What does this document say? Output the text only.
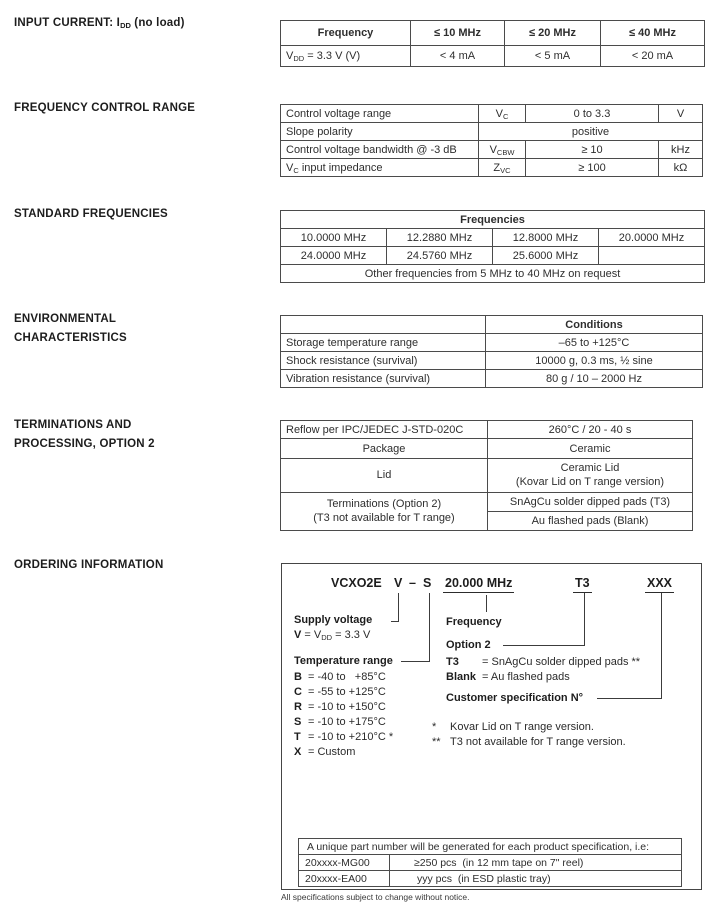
INPUT CURRENT: $I_{DD}$ (no load)
Frequency	≤ 10 MHz	≤ 20 MHz	≤ 40 MHz
$V_{DD} = 3.3$ V (V)	< 4 mA	< 5 mA	< 20 mA
FREQUENCY CONTROL RANGE	Control voltage range	$V_C$	0 to 3.3	V
Slope polarity	positive		
Control voltage bandwidth @ -3 dB	$V_{CBW}$	≥ 10	kHz
$V_C$ input impedance	$Z_{VC}$	≥ 100	kΩ
STANDARD FREQUENCIES	Frequencies			
10.0000 MHz	12.2880 MHz	12.8000 MHz	20.0000 MHz
24.0000 MHz	24.5760 MHz	25.6000 MHz	
Other frequencies from 5 MHz to 40 MHz on request			
ENVIRONMENTAL
CHARACTERISTICS
	Conditions
Storage temperature range	–65 to +125°C
Shock resistance (survival)	10000 g, 0.3 ms, ½ sine
Vibration resistance (survival)	80 g / 10 – 2000 Hz
TERMINATIONS AND
PROCESSING, OPTION 2
Reflow per IPC/JEDEC J-STD-020C	260°C / 20 - 40 s
Package	Ceramic
Lid	Ceramic Lid
(Kovar Lid on T range version)

Terminations (Option 2)
(T3 not available for T range)	SnAgCu solder dipped pads (T3)
	Au flashed pads (Blank)
ORDERING INFORMATION
VCXO2E V – S 20.000 MHz	T3	XXX
Supply voltage
$V = V_{DD} = 3.3$ V
Temperature range
B = -40 to   +85°C
C = -55 to +125°C
R = -10 to +150°C
S = -10 to +175°C
T = -10 to +210°C *
X = Custom
Frequency
Option 2
T3 = SnAgCu solder dipped pads **
Blank = Au flashed pads
Customer specification N°
* Kovar Lid on T range version.
** T3 not available for T range version.
A unique part number will be generated for each product specification, i.e:	
20xxxx-MG00	≥250 pcs  (in 12 mm tape on 7" reel)
20xxxx-EA00	yyy pcs  (in ESD plastic tray)
All specifications subject to change without notice.
